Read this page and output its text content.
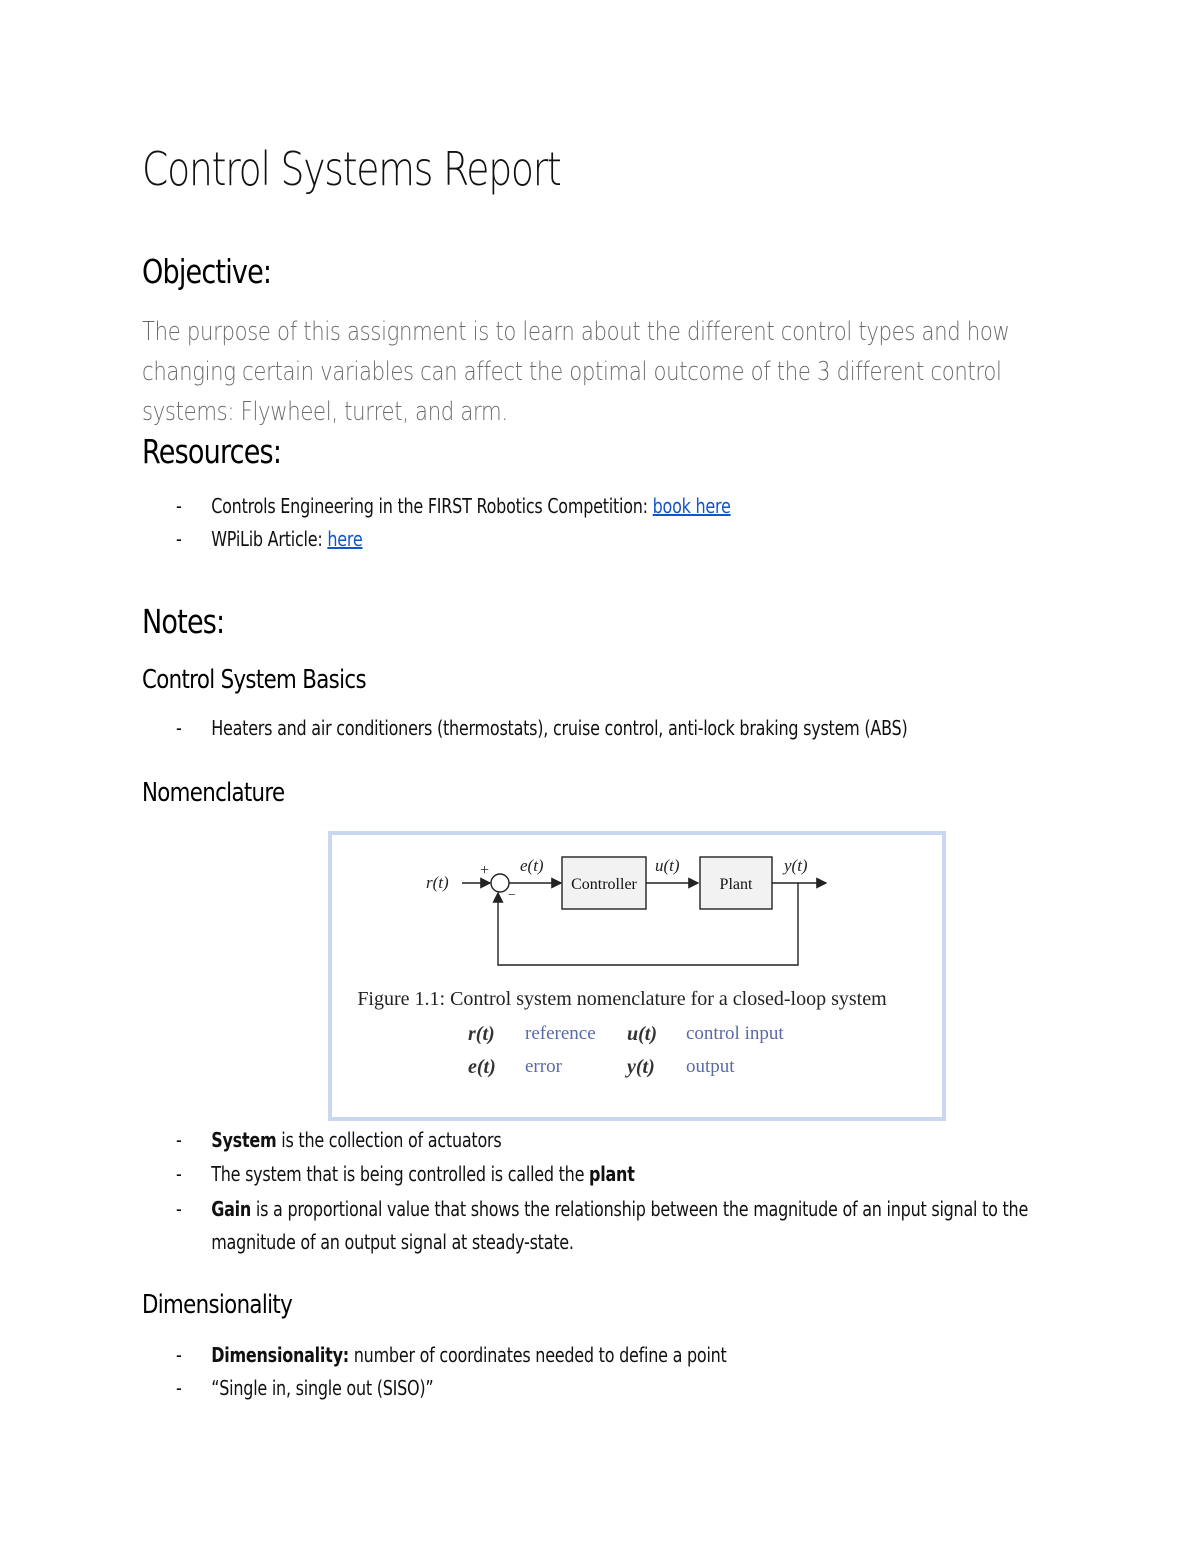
Control Systems Report
Objective:
The purpose of this assignment is to learn about the different control types and how changing certain variables can affect the optimal outcome of the 3 different control systems: Flywheel, turret, and arm.
Resources:
- Controls Engineering in the FIRST Robotics Competition: book here
- WPiLib Article: here
Notes:
Control System Basics
- Heaters and air conditioners (thermostats), cruise control, anti-lock braking system (ABS)
Nomenclature
r(t)
+
−
e(t)
Controller
u(t)
Plant
y(t)
Figure 1.1: Control system nomenclature for a closed-loop system
r(t) reference u(t) control input
e(t) error	y(t) output
- System is the collection of actuators
- The system that is being controlled is called the plant
- Gain is a proportional value that shows the relationship between the magnitude of an input signal to the magnitude of an output signal at steady-state.
Dimensionality
- Dimensionality: number of coordinates needed to define a point
- “Single in, single out (SISO)”
